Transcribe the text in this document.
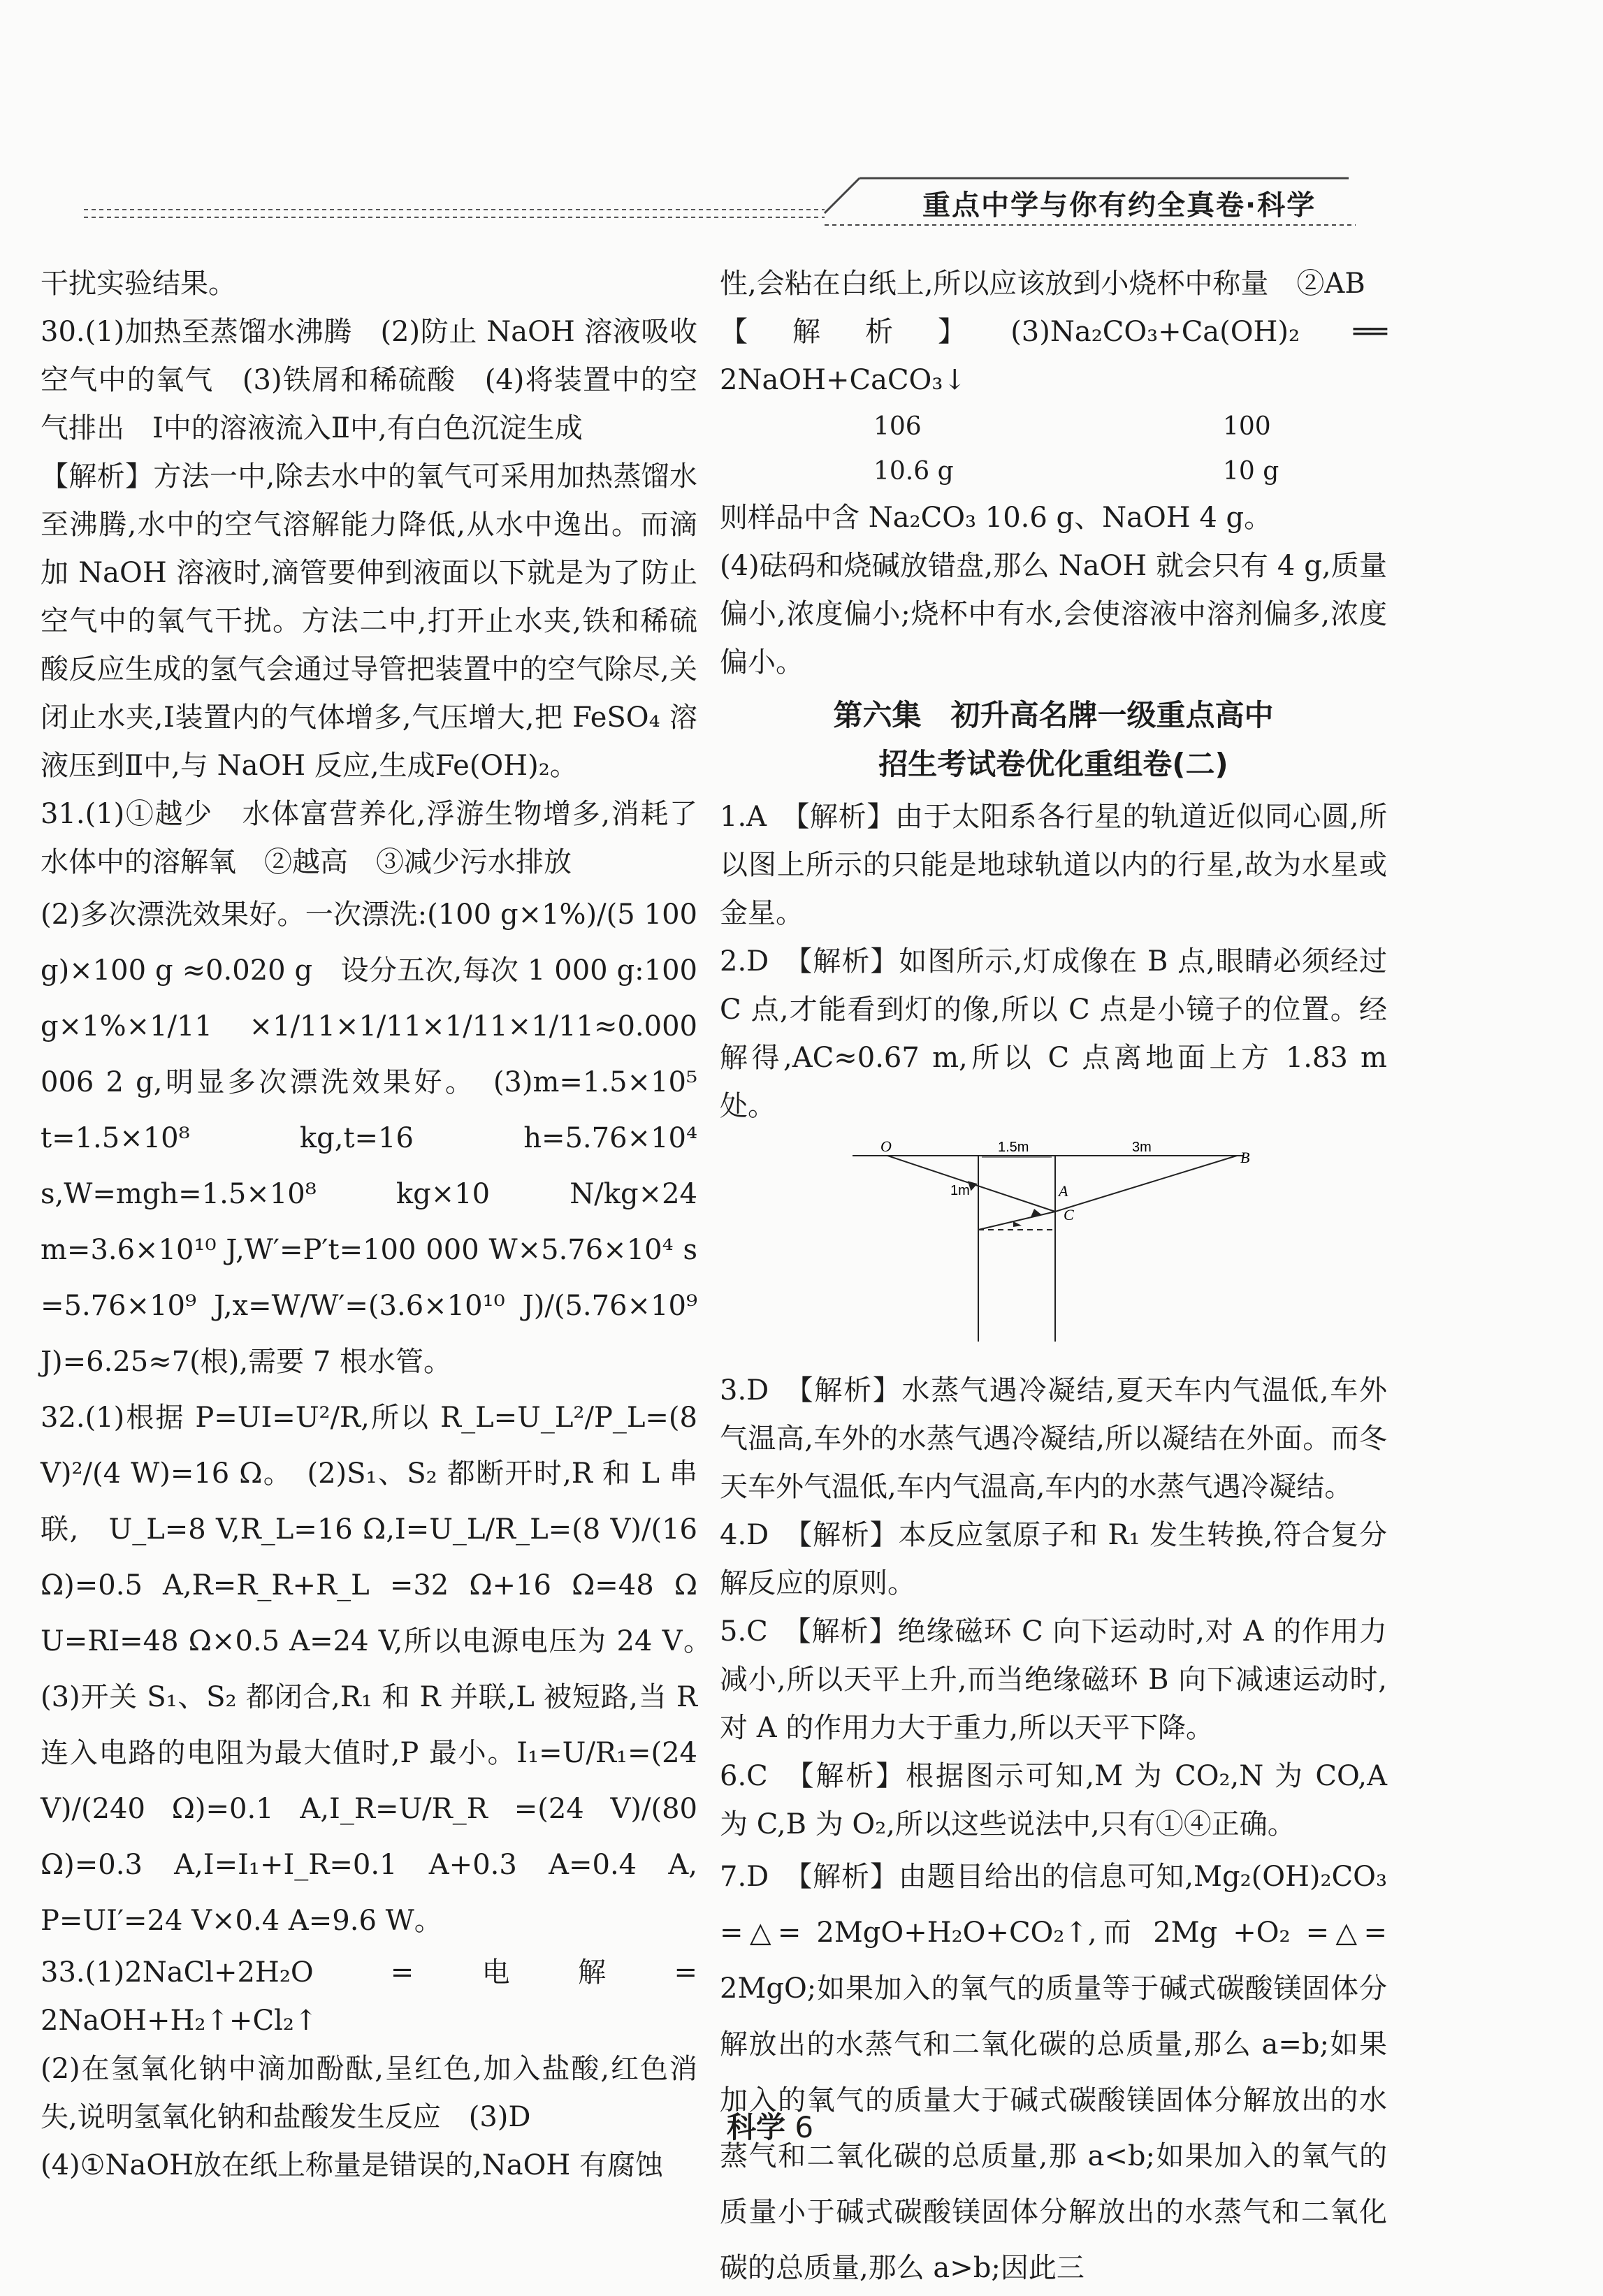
重点中学与你有约全真卷·科学

干扰实验结果。

30.(1)加热至蒸馏水沸腾　(2)防止 NaOH 溶液吸收空气中的氧气　(3)铁屑和稀硫酸　(4)将装置中的空气排出　Ⅰ中的溶液流入Ⅱ中,有白色沉淀生成

【解析】方法一中,除去水中的氧气可采用加热蒸馏水至沸腾,水中的空气溶解能力降低,从水中逸出。而滴加 NaOH 溶液时,滴管要伸到液面以下就是为了防止空气中的氧气干扰。方法二中,打开止水夹,铁和稀硫酸反应生成的氢气会通过导管把装置中的空气除尽,关闭止水夹,Ⅰ装置内的气体增多,气压增大,把 FeSO₄ 溶液压到Ⅱ中,与 NaOH 反应,生成Fe(OH)₂。

31.(1)①越少　水体富营养化,浮游生物增多,消耗了水体中的溶解氧　②越高　③减少污水排放

(2)多次漂洗效果好。一次漂洗:(100 g×1%)/(5 100 g)×100 g ≈0.020 g　设分五次,每次 1 000 g:100 g×1%×1/11 ×1/11×1/11×1/11×1/11≈0.000 006 2 g,明显多次漂洗效果好。　(3)m=1.5×10⁵ t=1.5×10⁸ kg,t=16 h=5.76×10⁴ s,W=mgh=1.5×10⁸ kg×10 N/kg×24 m=3.6×10¹⁰ J,W′=P′t=100 000 W×5.76×10⁴ s =5.76×10⁹ J,x=W/W′=(3.6×10¹⁰ J)/(5.76×10⁹ J)=6.25≈7(根),需要 7 根水管。

32.(1)根据 P=UI=U²/R,所以 R_L=U_L²/P_L=(8 V)²/(4 W)=16 Ω。　(2)S₁、S₂ 都断开时,R 和 L 串联,　U_L=8 V,R_L=16 Ω,I=U_L/R_L=(8 V)/(16 Ω)=0.5 A,R=R_R+R_L =32 Ω+16 Ω=48 Ω　U=RI=48 Ω×0.5 A=24 V,所以电源电压为 24 V。　(3)开关 S₁、S₂ 都闭合,R₁ 和 R 并联,L 被短路,当 R 连入电路的电阻为最大值时,P 最小。I₁=U/R₁=(24 V)/(240 Ω)=0.1 A,I_R=U/R_R =(24 V)/(80 Ω)=0.3 A,I=I₁+I_R=0.1 A+0.3 A=0.4 A, P=UI′=24 V×0.4 A=9.6 W。

33.(1)2NaCl+2H₂O =电解= 2NaOH+H₂↑+Cl₂↑

(2)在氢氧化钠中滴加酚酞,呈红色,加入盐酸,红色消失,说明氢氧化钠和盐酸发生反应　(3)D

(4)①NaOH放在纸上称量是错误的,NaOH 有腐蚀

性,会粘在白纸上,所以应该放到小烧杯中称量　②AB

【解析】(3)Na₂CO₃+Ca(OH)₂ ══ 2NaOH+CaCO₃↓

106	100
10.6 g	10 g

则样品中含 Na₂CO₃ 10.6 g、NaOH 4 g。

(4)砝码和烧碱放错盘,那么 NaOH 就会只有 4 g,质量偏小,浓度偏小;烧杯中有水,会使溶液中溶剂偏多,浓度偏小。

第六集　初升高名牌一级重点高中
招生考试卷优化重组卷(二)

1.A　【解析】由于太阳系各行星的轨道近似同心圆,所以图上所示的只能是地球轨道以内的行星,故为水星或金星。

2.D　【解析】如图所示,灯成像在 B 点,眼睛必须经过 C 点,才能看到灯的像,所以 C 点是小镜子的位置。经解得,AC≈0.67 m,所以 C 点离地面上方 1.83 m 处。

O
B
A
C
1.5m	3m
1m

3.D　【解析】水蒸气遇冷凝结,夏天车内气温低,车外气温高,车外的水蒸气遇冷凝结,所以凝结在外面。而冬天车外气温低,车内气温高,车内的水蒸气遇冷凝结。

4.D　【解析】本反应氢原子和 R₁ 发生转换,符合复分解反应的原则。

5.C　【解析】绝缘磁环 C 向下运动时,对 A 的作用力减小,所以天平上升,而当绝缘磁环 B 向下减速运动时,对 A 的作用力大于重力,所以天平下降。

6.C　【解析】根据图示可知,M 为 CO₂,N 为 CO,A 为 C,B 为 O₂,所以这些说法中,只有①④正确。

7.D　【解析】由题目给出的信息可知,Mg₂(OH)₂CO₃ =△= 2MgO+H₂O+CO₂↑,而 2Mg +O₂ =△= 2MgO;如果加入的氧气的质量等于碱式碳酸镁固体分解放出的水蒸气和二氧化碳的总质量,那么 a=b;如果加入的氧气的质量大于碱式碳酸镁固体分解放出的水蒸气和二氧化碳的总质量,那 a<b;如果加入的氧气的质量小于碱式碳酸镁固体分解放出的水蒸气和二氧化碳的总质量,那么 a>b;因此三

科学 6
